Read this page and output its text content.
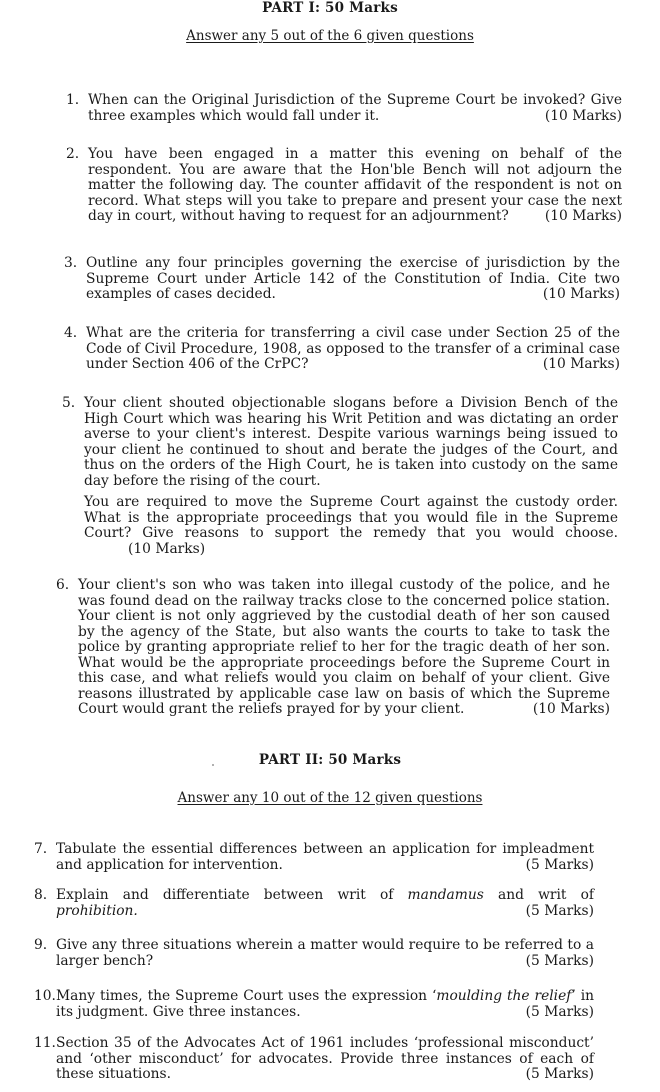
PART I: 50 Marks
Answer any 5 out of the 6 given questions
1. When can the Original Jurisdiction of the Supreme Court be invoked? Give three examples which would fall under it.	(10 Marks)
2. You have been engaged in a matter this evening on behalf of the respondent. You are aware that the Hon'ble Bench will not adjourn the matter the following day. The counter affidavit of the respondent is not on record. What steps will you take to prepare and present your case the next day in court, without having to request for an adjournment?	(10 Marks)
3. Outline any four principles governing the exercise of jurisdiction by the Supreme Court under Article 142 of the Constitution of India. Cite two examples of cases decided.	(10 Marks)
4. What are the criteria for transferring a civil case under Section 25 of the Code of Civil Procedure, 1908, as opposed to the transfer of a criminal case under Section 406 of the CrPC?	(10 Marks)
5. Your client shouted objectionable slogans before a Division Bench of the High Court which was hearing his Writ Petition and was dictating an order averse to your client's interest. Despite various warnings being issued to your client he continued to shout and berate the judges of the Court, and thus on the orders of the High Court, he is taken into custody on the same day before the rising of the court.
You are required to move the Supreme Court against the custody order. What is the appropriate proceedings that you would file in the Supreme Court? Give reasons to support the remedy that you would choose. (10 Marks)
6. Your client's son who was taken into illegal custody of the police, and he was found dead on the railway tracks close to the concerned police station. Your client is not only aggrieved by the custodial death of her son caused by the agency of the State, but also wants the courts to take to task the police by granting appropriate relief to her for the tragic death of her son. What would be the appropriate proceedings before the Supreme Court in this case, and what reliefs would you claim on behalf of your client. Give reasons illustrated by applicable case law on basis of which the Supreme Court would grant the reliefs prayed for by your client.	(10 Marks)
PART II: 50 Marks
Answer any 10 out of the 12 given questions
7. Tabulate the essential differences between an application for impleadment and application for intervention.	(5 Marks)
8. Explain and differentiate between writ of mandamus and writ of prohibition.	(5 Marks)
9. Give any three situations wherein a matter would require to be referred to a larger bench?	(5 Marks)
10. Many times, the Supreme Court uses the expression ‘moulding the relief’ in its judgment. Give three instances.	(5 Marks)
11. Section 35 of the Advocates Act of 1961 includes ‘professional misconduct’ and ‘other misconduct’ for advocates. Provide three instances of each of these situations.	(5 Marks)
